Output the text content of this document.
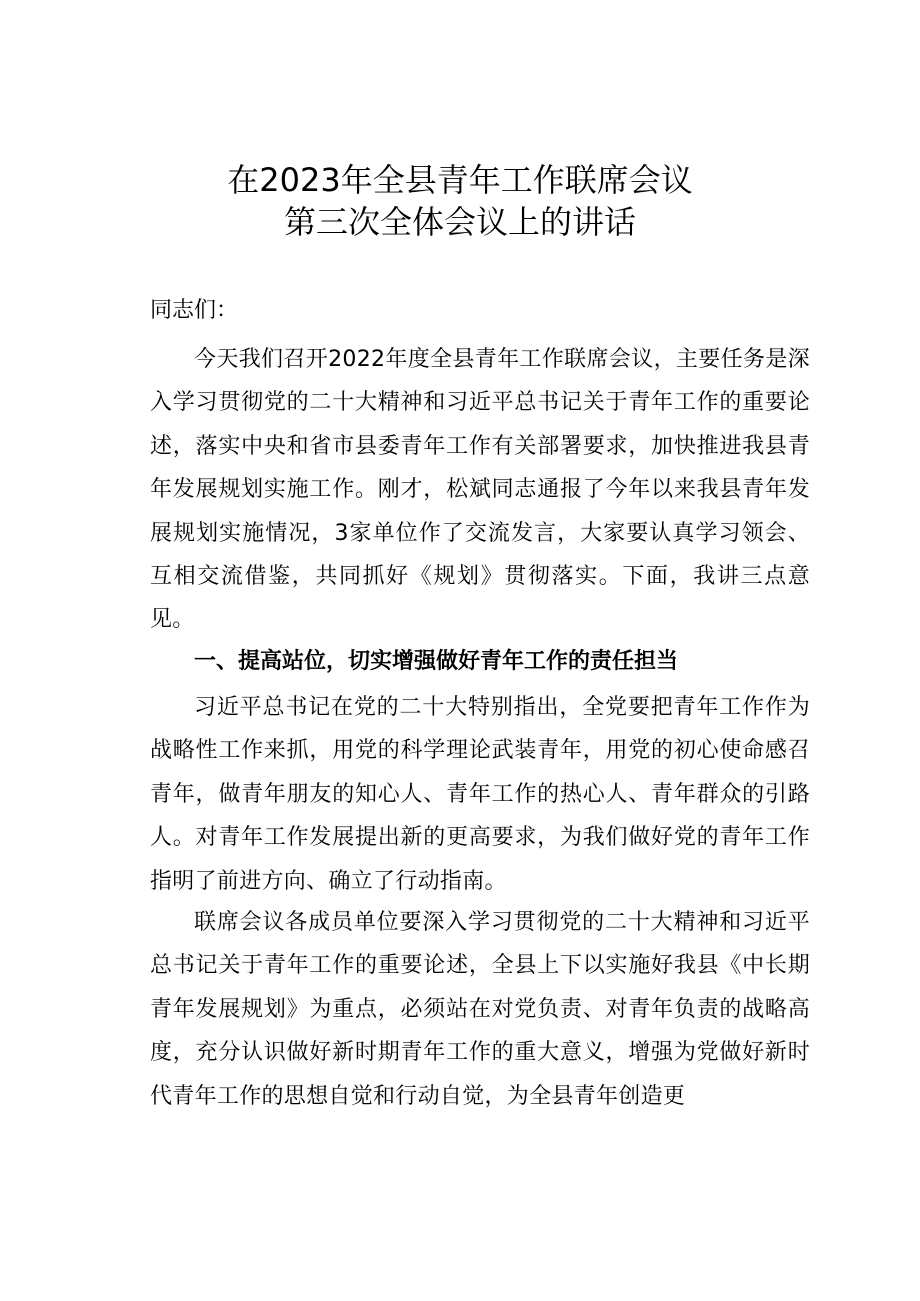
在2023年全县青年工作联席会议
第三次全体会议上的讲话
同志们：
今天我们召开2022年度全县青年工作联席会议，主要任务是深入学习贯彻党的二十大精神和习近平总书记关于青年工作的重要论述，落实中央和省市县委青年工作有关部署要求，加快推进我县青年发展规划实施工作。刚才，松斌同志通报了今年以来我县青年发展规划实施情况，3家单位作了交流发言，大家要认真学习领会、互相交流借鉴，共同抓好《规划》贯彻落实。下面，我讲三点意见。
一、提高站位，切实增强做好青年工作的责任担当
习近平总书记在党的二十大特别指出，全党要把青年工作作为战略性工作来抓，用党的科学理论武装青年，用党的初心使命感召青年，做青年朋友的知心人、青年工作的热心人、青年群众的引路人。对青年工作发展提出新的更高要求，为我们做好党的青年工作指明了前进方向、确立了行动指南。
联席会议各成员单位要深入学习贯彻党的二十大精神和习近平总书记关于青年工作的重要论述，全县上下以实施好我县《中长期青年发展规划》为重点，必须站在对党负责、对青年负责的战略高度，充分认识做好新时期青年工作的重大意义，增强为党做好新时代青年工作的思想自觉和行动自觉，为全县青年创造更
